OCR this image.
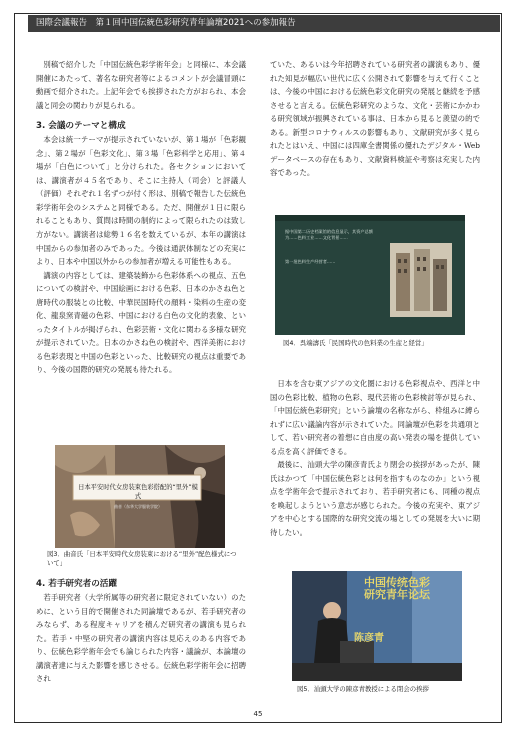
国際会議報告　第１回中国伝統色彩研究青年論壇2021への参加報告

別稿で紹介した「中国伝統色彩学術年会」と同様に、本会議開催にあたって、著名な研究者等によるコメントが会議冒頭に動画で紹介された。上記年会でも挨拶された方がおられ、本会議と同会の関わりが見られる。

3. 会議のテーマと構成

本会は統一テーマが提示されていないが、第１場が「色彩観念」、第２場が「色彩文化」、第３場「色彩科学と応用」、第４場が「白色について」と分けられた。各セクションにおいては、講演者が４５名であり、そこに主持人（司会）と評議人（評価）それぞれ１名ずつが付く形は、別稿で報告した伝統色彩学術年会のシステムと同様である。ただ、開催が１日に限られることもあり、質問は時間の制約によって限られたのは致し方がない。講演者は総勢１６名を数えているが、本年の講演は中国からの参加者のみであった。今後は通訳体制などの充実により、日本や中国以外からの参加者が増える可能性もある。

講演の内容としては、建築装飾から色彩体系への視点、五色についての検討や、中国絵画における色彩、日本のかさね色と唐時代の服装との比較、中華民国時代の顔料・染料の生産の変化、龍泉窯青磁の色彩、中国における白色の文化的表象、といったタイトルが掲げられ、色彩芸術・文化に関わる多様な研究が提示されていた。日本のかさね色の検討や、西洋美術における色彩表現と中国の色彩といった、比較研究の視点は重要であり、今後の国際的研究の発展も待たれる。

日本平安时代女房装束色彩搭配的“里外”模式
曲音（东华大学服装学院）
図3．曲音氏「日本平安時代女房装束における“里外”配色様式について」

4. 若手研究者の活躍

若手研究者（大学所属等の研究者に限定されていない）のために、という目的で開催された同論壇であるが、若手研究者のみならず、ある程度キャリアを積んだ研究者の講演も見られた。若手・中堅の研究者の講演内容は見応えのある内容であり、伝統色彩学術年会でも論じられた内容・議論が、本論壇の講演者達に与えた影響を感じさせる。伝統色彩学術年会に招聘され

ていた、あるいは今年招聘されている研究者の講演もあり、優れた知見が幅広い世代に広く公開されて影響を与えて行くことは、今後の中国における伝統色彩文化研究の発展と継続を予感させると言える。伝統色彩研究のような、文化・芸術にかかわる研究領域が振興されている事は、日本から見ると羨望の的である。新型コロナウィルスの影響もあり、文献研究が多く見られたとはいえ、中国には四庫全書関係の優れたデジタル・Webデータベースの存在もあり、文献資料検証や考察は充実した内容であった。

据中国第二历史档案馆的信息显示，其资产总额为……色料工业……文化背景……
第一批色料生产经营者……
図4．呉端濤氏「民国時代の色料業の生産と経営」

日本を含む東アジアの文化圏における色彩視点や、西洋と中国の色彩比較、植物の色彩、現代芸術の色彩検討等が見られ、「中国伝統色彩研究」という論壇の名称ながら、枠組みに縛られずに広い議論内容が示されていた。同論壇が色彩を共通項として、若い研究者の着想に自由度の高い発表の場を提供している点を高く評価できる。

最後に、汕頭大学の陳彦青氏より閉会の挨拶があったが、陳氏はかつて「中国伝統色彩とは何を指すものなのか」という視点を学術年会で提示されており、若手研究者にも、同種の視点を喚起しようという意志が感じられた。今後の充実や、東アジアを中心とする国際的な研究交流の場としての発展を大いに期待したい。

中国传统色彩研究青年论坛
陈彦青
図5．汕頭大学の陳彦青教授による閉会の挨拶
45
